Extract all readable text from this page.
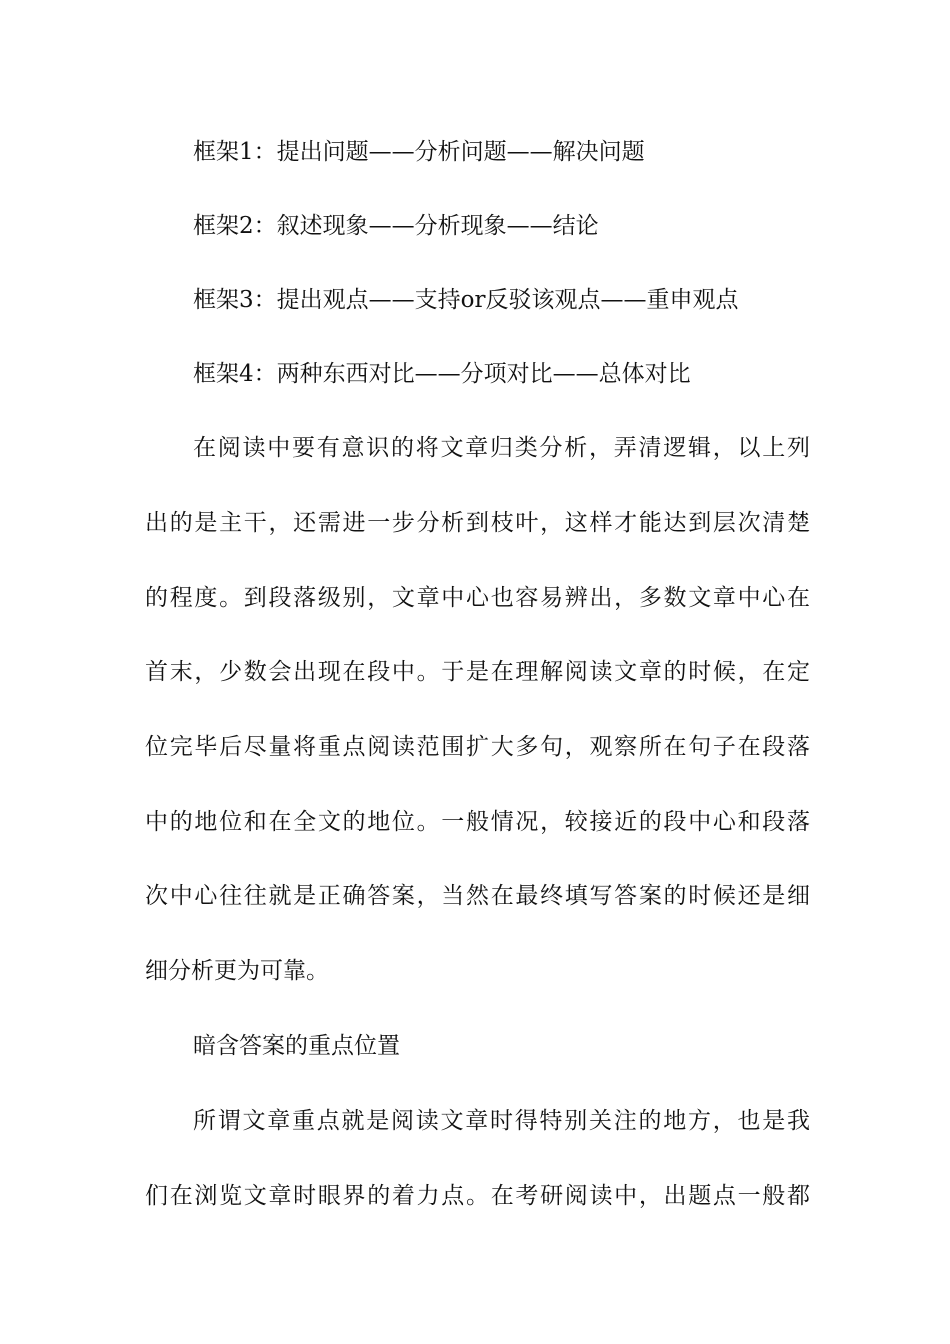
框架1：提出问题——分析问题——解决问题
框架2：叙述现象——分析现象——结论
框架3：提出观点——支持or反驳该观点——重申观点
框架4：两种东西对比——分项对比——总体对比
在阅读中要有意识的将文章归类分析，弄清逻辑，以上列
出的是主干，还需进一步分析到枝叶，这样才能达到层次清楚
的程度。到段落级别，文章中心也容易辨出，多数文章中心在
首末，少数会出现在段中。于是在理解阅读文章的时候，在定
位完毕后尽量将重点阅读范围扩大多句，观察所在句子在段落
中的地位和在全文的地位。一般情况，较接近的段中心和段落
次中心往往就是正确答案，当然在最终填写答案的时候还是细
细分析更为可靠。
暗含答案的重点位置
所谓文章重点就是阅读文章时得特别关注的地方，也是我
们在浏览文章时眼界的着力点。在考研阅读中，出题点一般都
